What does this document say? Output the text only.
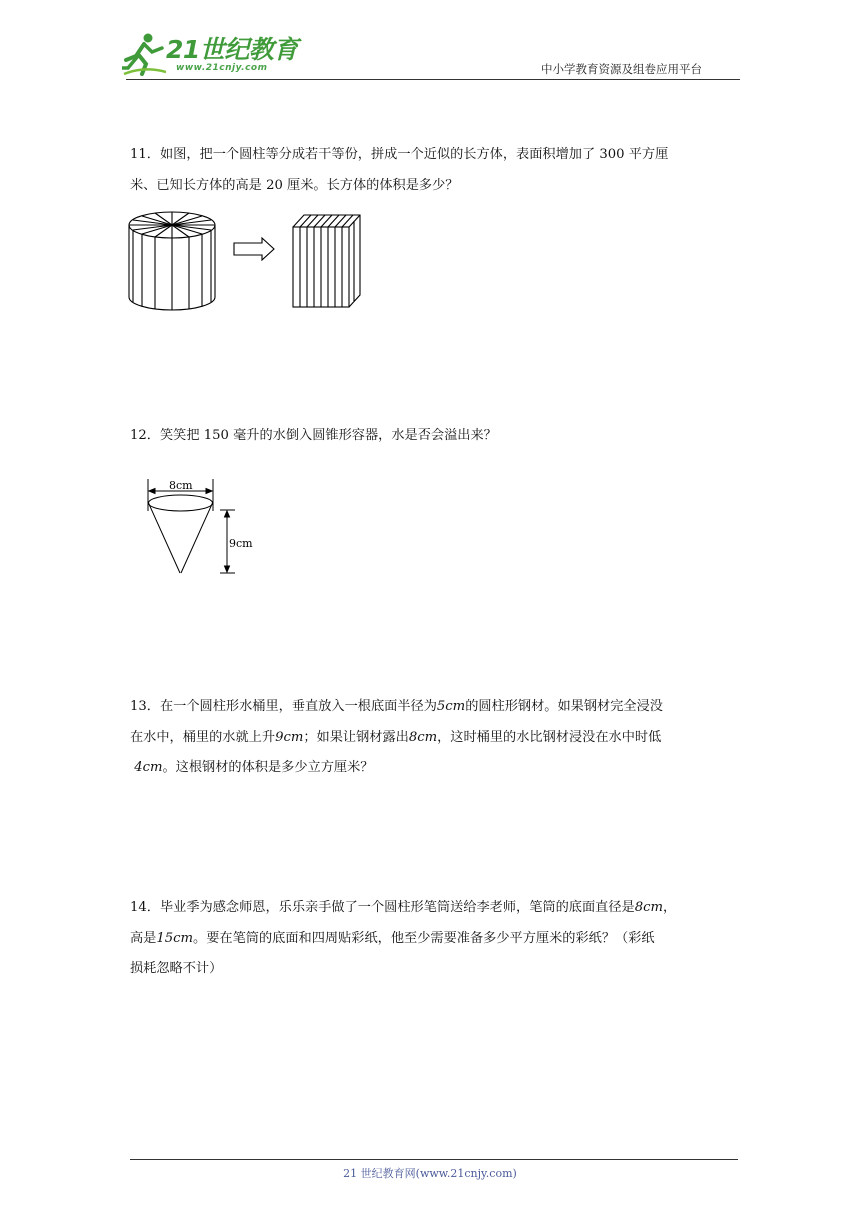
21世纪教育
www.21cnjy.com	中小学教育资源及组卷应用平台

11．如图，把一个圆柱等分成若干等份，拼成一个近似的长方体，表面积增加了 300 平方厘

米、已知长方体的高是 20 厘米。长方体的体积是多少？

12．笑笑把 150 毫升的水倒入圆锥形容器，水是否会溢出来？

8cm
9cm

13．在一个圆柱形水桶里，垂直放入一根底面半径为5cm的圆柱形钢材。如果钢材完全浸没

在水中，桶里的水就上升9cm；如果让钢材露出8cm，这时桶里的水比钢材浸没在水中时低

4cm。这根钢材的体积是多少立方厘米？

14．毕业季为感念师恩，乐乐亲手做了一个圆柱形笔筒送给李老师，笔筒的底面直径是8cm，

高是15cm。要在笔筒的底面和四周贴彩纸，他至少需要准备多少平方厘米的彩纸？（彩纸

损耗忽略不计）

21 世纪教育网(www.21cnjy.com)
